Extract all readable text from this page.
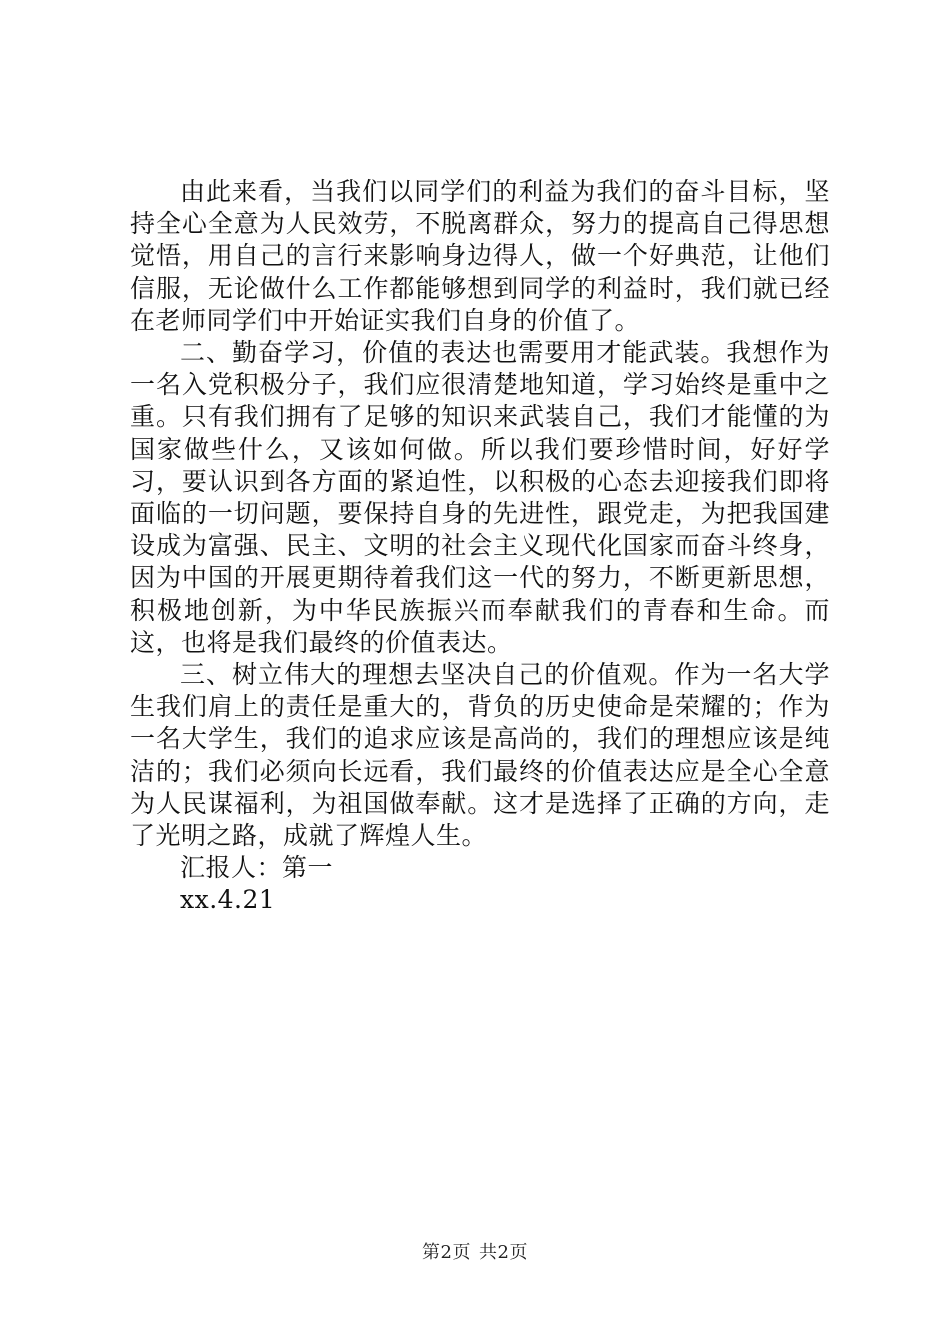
由此来看，当我们以同学们的利益为我们的奋斗目标，坚持全心全意为人民效劳，不脱离群众，努力的提高自己得思想觉悟，用自己的言行来影响身边得人，做一个好典范，让他们信服，无论做什么工作都能够想到同学的利益时，我们就已经在老师同学们中开始证实我们自身的价值了。

二、勤奋学习，价值的表达也需要用才能武装。我想作为一名入党积极分子，我们应很清楚地知道，学习始终是重中之重。只有我们拥有了足够的知识来武装自己，我们才能懂的为国家做些什么，又该如何做。所以我们要珍惜时间，好好学习，要认识到各方面的紧迫性，以积极的心态去迎接我们即将面临的一切问题，要保持自身的先进性，跟党走，为把我国建设成为富强、民主、文明的社会主义现代化国家而奋斗终身，因为中国的开展更期待着我们这一代的努力，不断更新思想，积极地创新，为中华民族振兴而奉献我们的青春和生命。而这，也将是我们最终的价值表达。

三、树立伟大的理想去坚决自己的价值观。作为一名大学生我们肩上的责任是重大的，背负的历史使命是荣耀的；作为一名大学生，我们的追求应该是高尚的，我们的理想应该是纯洁的；我们必须向长远看，我们最终的价值表达应是全心全意为人民谋福利，为祖国做奉献。这才是选择了正确的方向，走了光明之路，成就了辉煌人生。

汇报人：第一

xx.4.21

第2页 共2页
